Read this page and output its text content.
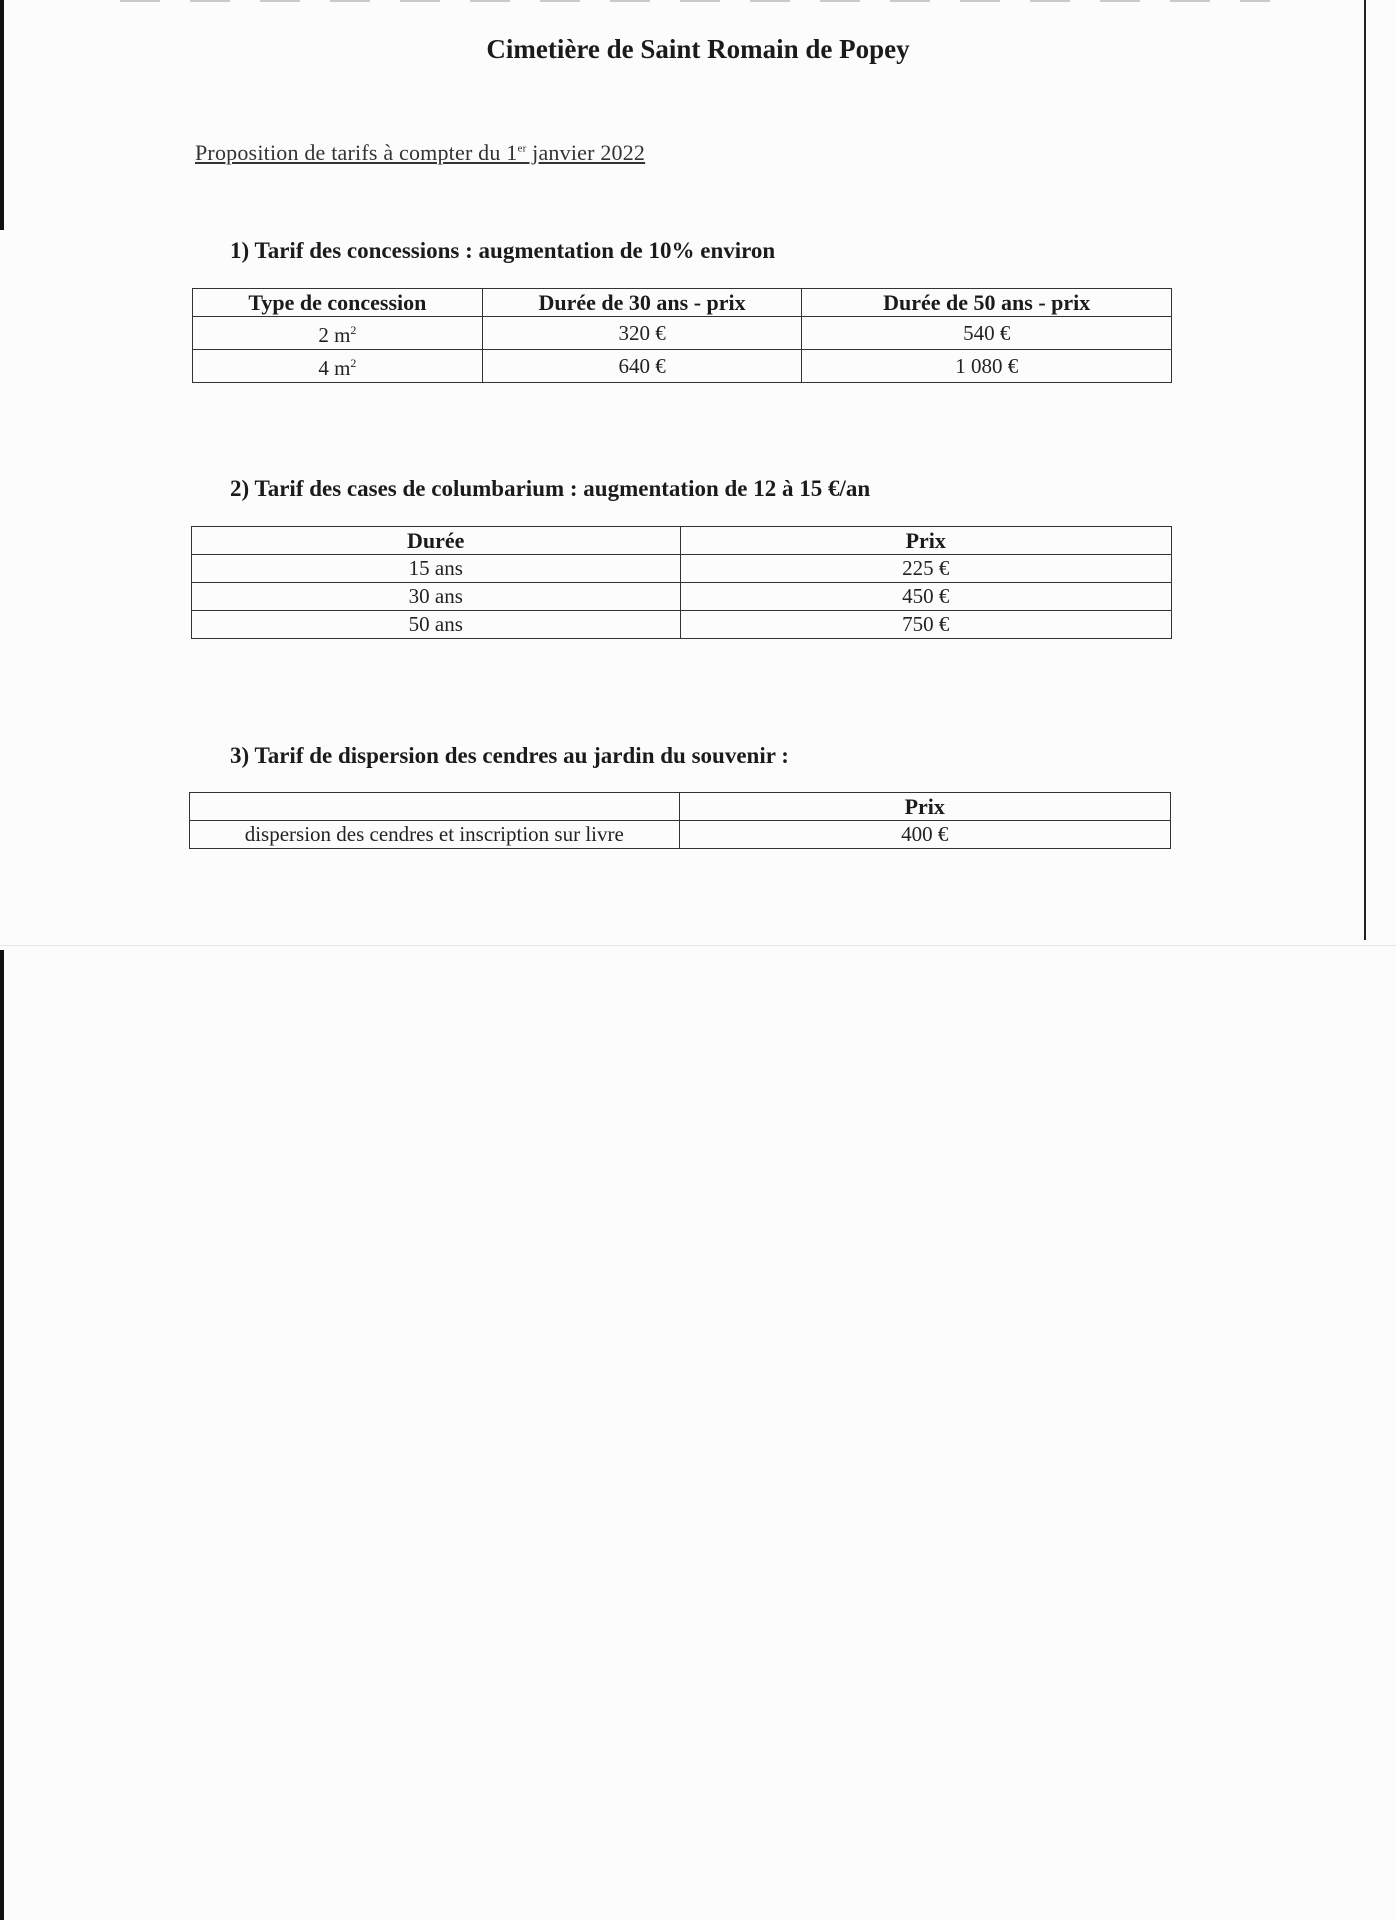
Cimetière de Saint Romain de Popey
Proposition de tarifs à compter du 1er janvier 2022
1) Tarif des concessions : augmentation de 10% environ
Type de concession	Durée de 30 ans - prix	Durée de 50 ans - prix
2 $m^2$	320 €	540 €
4 $m^2$	640 €	1 080 €
2) Tarif des cases de columbarium : augmentation de 12 à 15 €/an
Durée	Prix
15 ans	225 €
30 ans	450 €
50 ans	750 €
3) Tarif de dispersion des cendres au jardin du souvenir :
	Prix
dispersion des cendres et inscription sur livre	400 €
